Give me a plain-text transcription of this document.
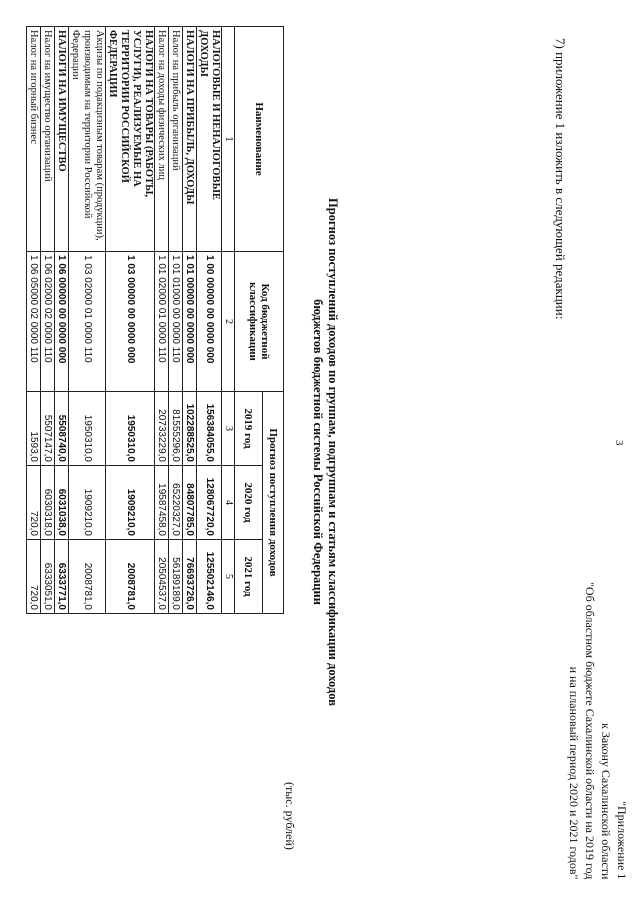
3
"Приложение 1
к Закону Сахалинской области
"Об областном бюджете Сахалинской области на 2019 год
и на плановый период 2020 и 2021 годов"
7) приложение 1 изложить в следующей редакции:
Прогноз поступлений доходов по группам, подгруппам и статьям классификации доходов
бюджетов бюджетной системы Российской Федерации
(тыс. рублей)
Наименование	Код бюджетной классификации	Прогноз поступления доходов		
		2019 год	2020 год	2021 год
1	2	3	4	5
НАЛОГОВЫЕ И НЕНАЛОГОВЫЕ ДОХОДЫ	1 00 00000 00 0000 000	156384055,0	128067720,0	125502146,0
НАЛОГИ НА ПРИБЫЛЬ, ДОХОДЫ	1 01 00000 00 0000 000	102288525,0	84807785,0	76693726,0
Налог на прибыль организаций	1 01 01000 00 0000 110	81555296,0	65220327,0	56189189,0
Налог на доходы физических лиц	1 01 02000 01 0000 110	20733229,0	19587458,0	20504537,0
НАЛОГИ НА ТОВАРЫ (РАБОТЫ, УСЛУГИ), РЕАЛИЗУЕМЫЕ НА ТЕРРИТОРИИ РОССИЙСКОЙ ФЕДЕРАЦИИ	1 03 00000 00 0000 000	1950310,0	1909210,0	2008781,0
Акцизы по подакцизным товарам (продукции), производимым на территории Российской Федерации	1 03 02000 01 0000 110	1950310,0	1909210,0	2008781,0
НАЛОГИ НА ИМУЩЕСТВО	1 06 00000 00 0000 000	5508740,0	6031038,0	6333771,0
Налог на имущество организаций	1 06 02000 02 0000 110	5507147,0	6030318,0	6333051,0
Налог на игорный бизнес	1 06 05000 02 0000 110	1593,0	720,0	720,0
